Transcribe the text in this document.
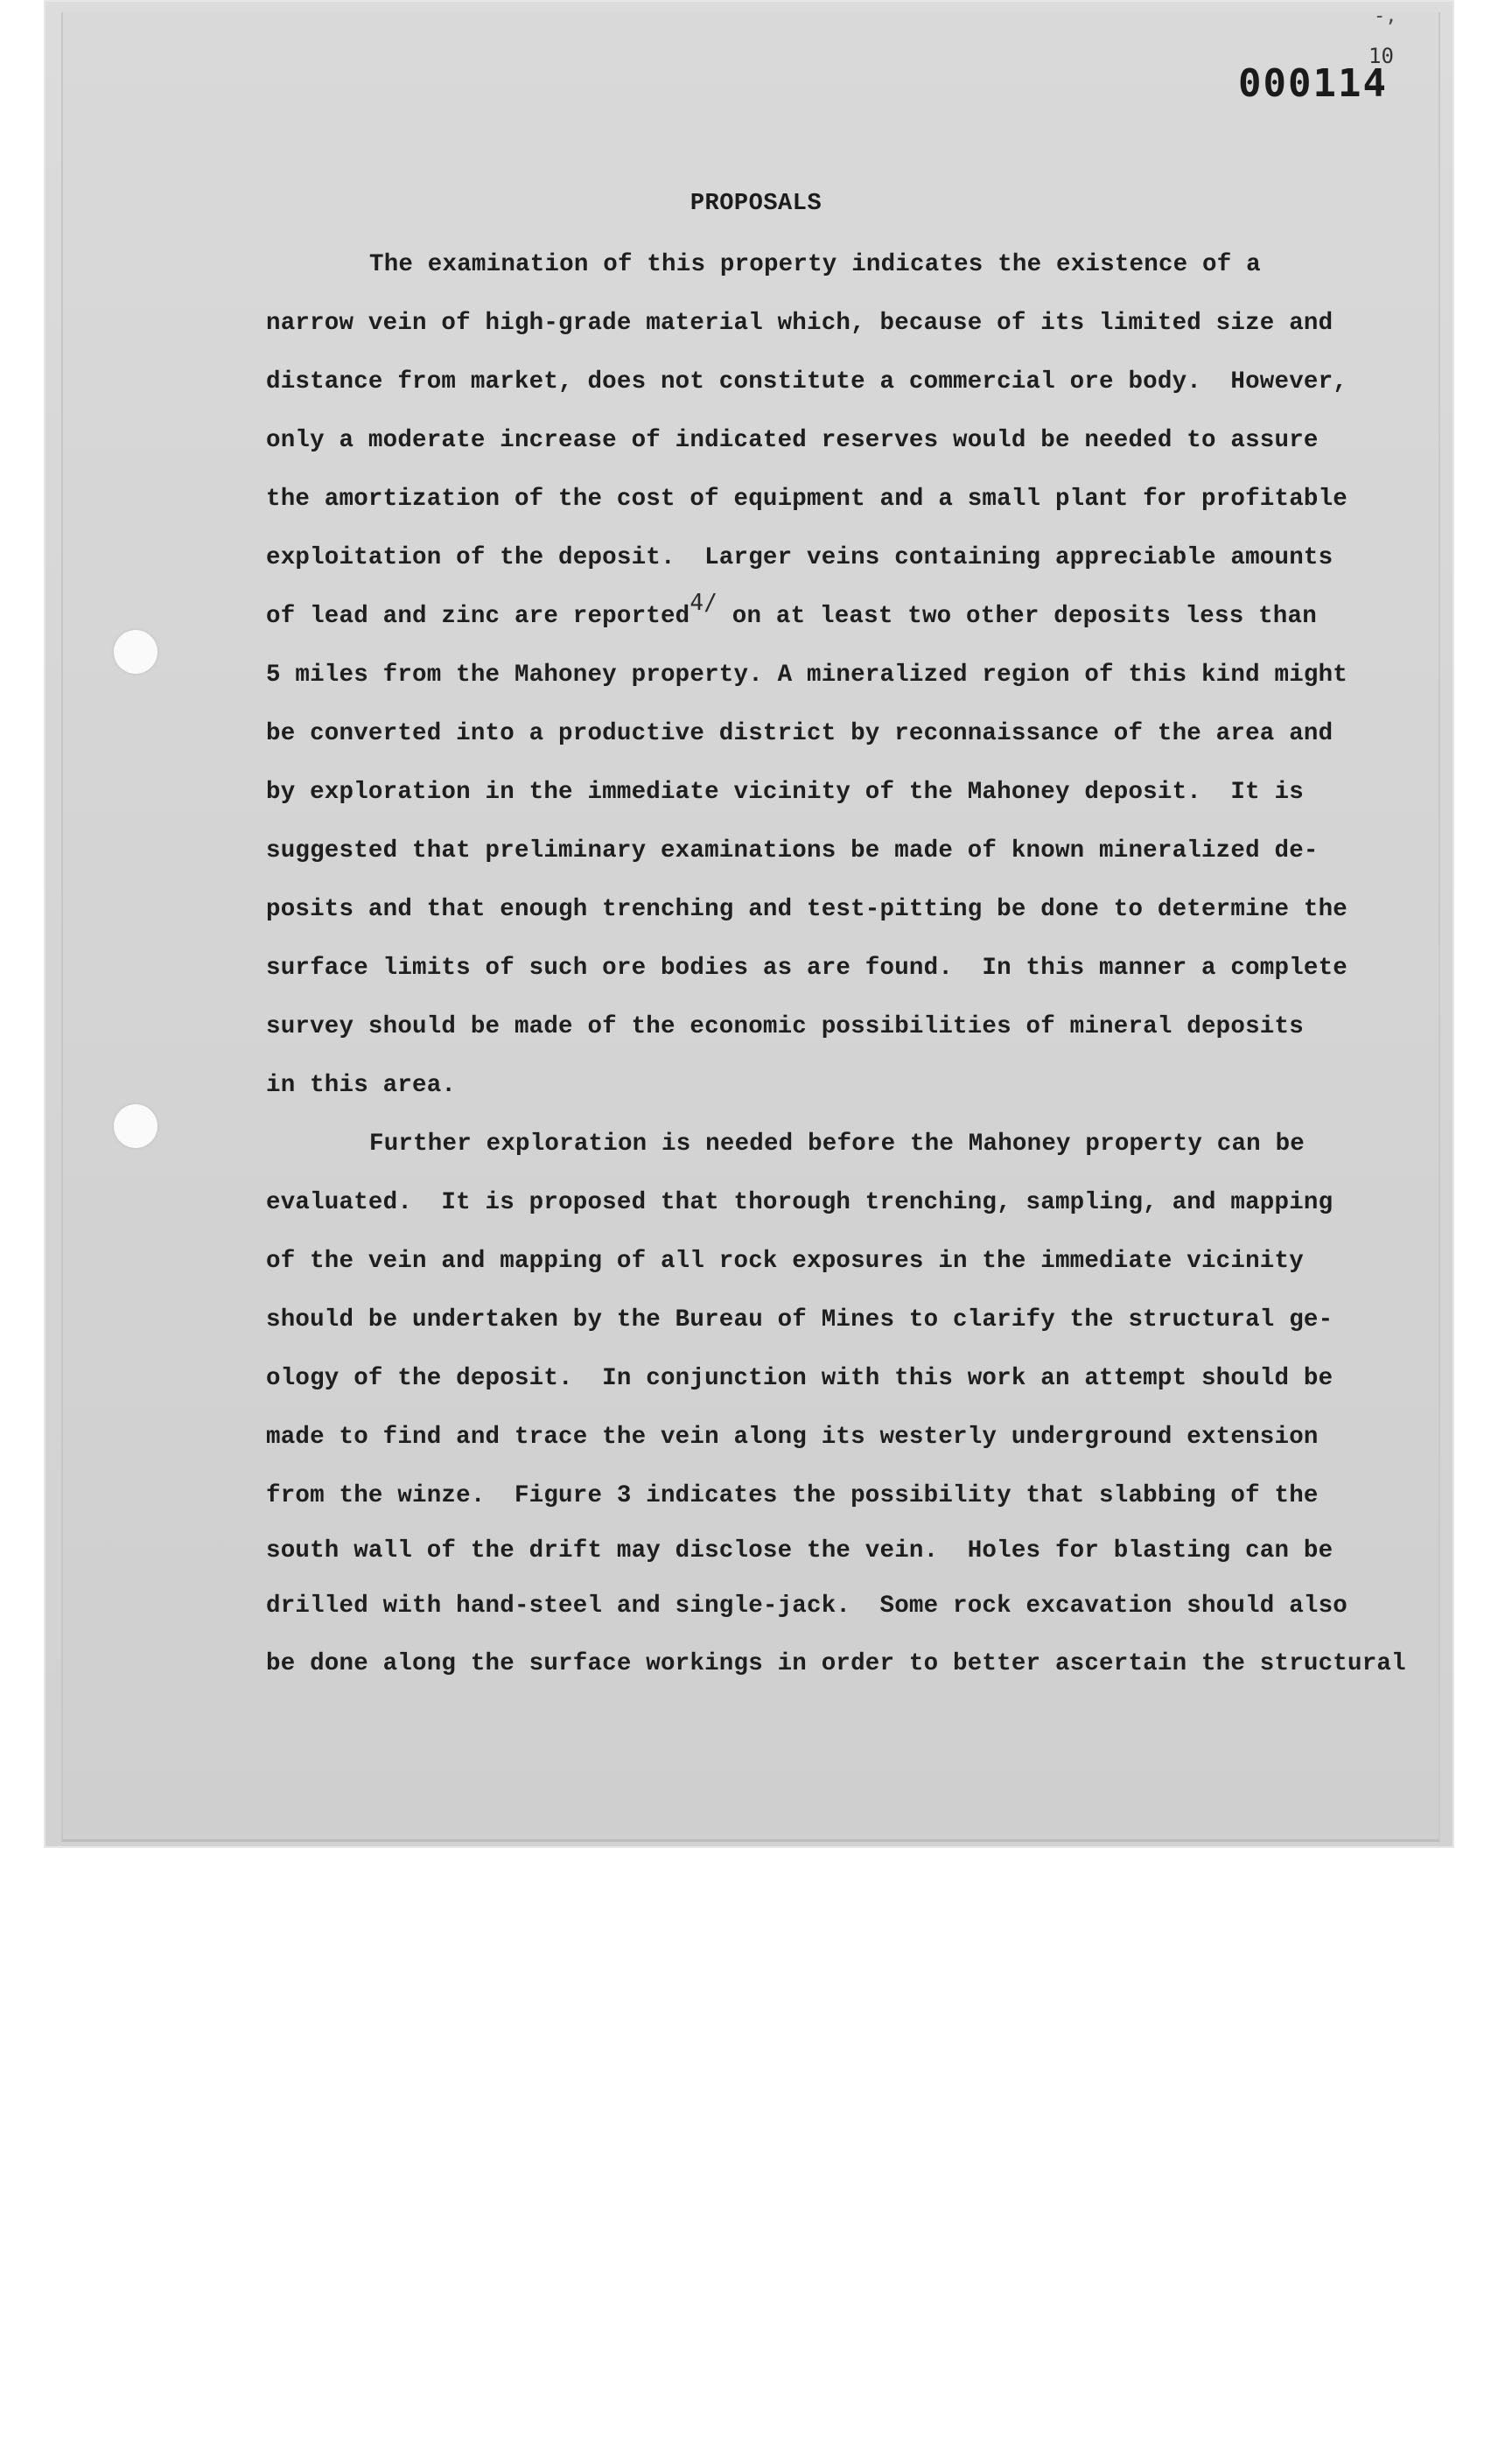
-,
000114
10
PROPOSALS
The examination of this property indicates the existence of a
narrow vein of high-grade material which, because of its limited size and
distance from market, does not constitute a commercial ore body.  However,
only a moderate increase of indicated reserves would be needed to assure
the amortization of the cost of equipment and a small plant for profitable
exploitation of the deposit.  Larger veins containing appreciable amounts
of lead and zinc are reported4/ on at least two other deposits less than
5 miles from the Mahoney property. A mineralized region of this kind might
be converted into a productive district by reconnaissance of the area and
by exploration in the immediate vicinity of the Mahoney deposit.  It is
suggested that preliminary examinations be made of known mineralized de-
posits and that enough trenching and test-pitting be done to determine the
surface limits of such ore bodies as are found.  In this manner a complete
survey should be made of the economic possibilities of mineral deposits
in this area.
Further exploration is needed before the Mahoney property can be
evaluated.  It is proposed that thorough trenching, sampling, and mapping
of the vein and mapping of all rock exposures in the immediate vicinity
should be undertaken by the Bureau of Mines to clarify the structural ge-
ology of the deposit.  In conjunction with this work an attempt should be
made to find and trace the vein along its westerly underground extension
from the winze.  Figure 3 indicates the possibility that slabbing of the
south wall of the drift may disclose the vein.  Holes for blasting can be
drilled with hand-steel and single-jack.  Some rock excavation should also
be done along the surface workings in order to better ascertain the structural
